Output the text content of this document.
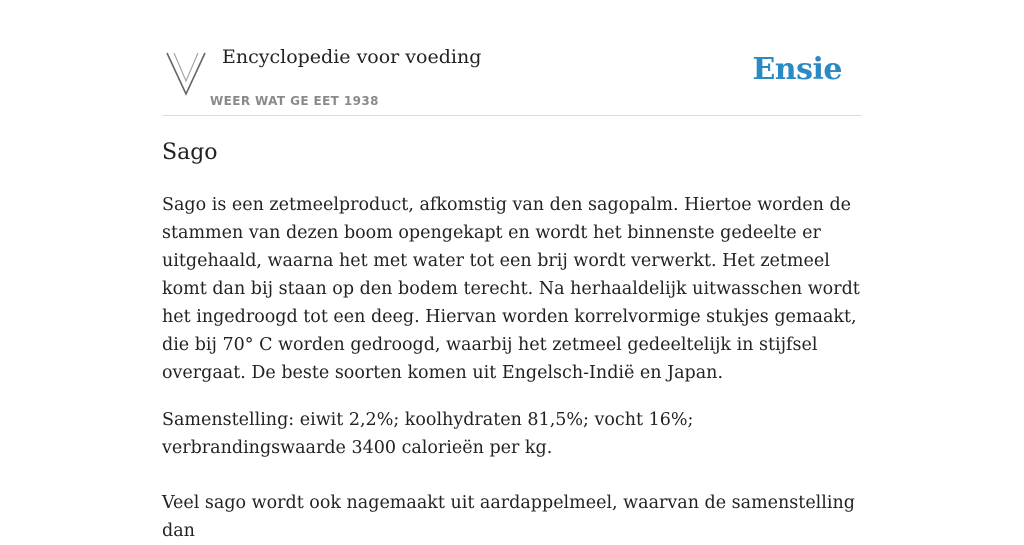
Encyclopedie voor voeding
WEER WAT GE EET 1938
Ensie
Sago

Sago is een zetmeelproduct, afkomstig van den sagopalm. Hiertoe worden de stammen van dezen boom opengekapt en wordt het binnenste gedeelte er uitgehaald, waarna het met water tot een brij wordt verwerkt. Het zetmeel komt dan bij staan op den bodem terecht. Na herhaaldelijk uitwasschen wordt het ingedroogd tot een deeg. Hiervan worden korrelvormige stukjes gemaakt, die bij 70° C worden gedroogd, waarbij het zetmeel gedeeltelijk in stijfsel overgaat. De beste soorten komen uit Engelsch-Indië en Japan.

Samenstelling: eiwit 2,2%; koolhydraten 81,5%; vocht 16%; verbrandingswaarde 3400 calorieën per kg.

Veel sago wordt ook nagemaakt uit aardappelmeel, waarvan de samenstelling dan
